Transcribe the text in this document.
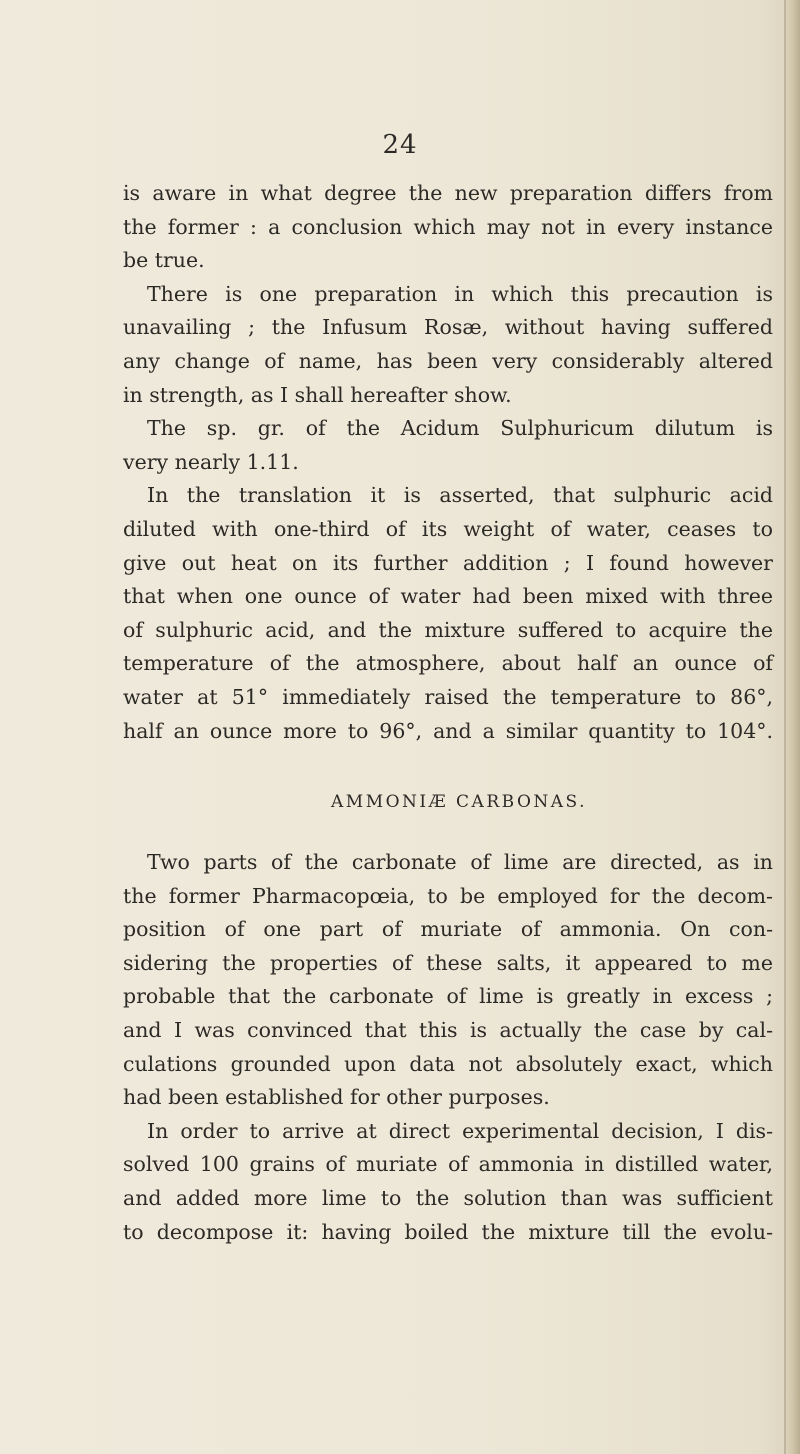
24
is aware in what degree the new preparation differs from
the former : a conclusion which may not in every instance
be true.
There is one preparation in which this precaution is
unavailing ; the Infusum Rosæ, without having suffered
any change of name, has been very considerably altered
in strength, as I shall hereafter show.
The sp. gr. of the Acidum Sulphuricum dilutum is
very nearly 1.11.
In the translation it is asserted, that sulphuric acid
diluted with one-third of its weight of water, ceases to
give out heat on its further addition ; I found however
that when one ounce of water had been mixed with three
of sulphuric acid, and the mixture suffered to acquire the
temperature of the atmosphere, about half an ounce of
water at 51° immediately raised the temperature to 86°,
half an ounce more to 96°, and a similar quantity to 104°.
AMMONIÆ CARBONAS.
Two parts of the carbonate of lime are directed, as in
the former Pharmacopœia, to be employed for the decom-
position of one part of muriate of ammonia. On con-
sidering the properties of these salts, it appeared to me
probable that the carbonate of lime is greatly in excess ;
and I was convinced that this is actually the case by cal-
culations grounded upon data not absolutely exact, which
had been established for other purposes.
In order to arrive at direct experimental decision, I dis-
solved 100 grains of muriate of ammonia in distilled water,
and added more lime to the solution than was sufficient
to decompose it: having boiled the mixture till the evolu-
